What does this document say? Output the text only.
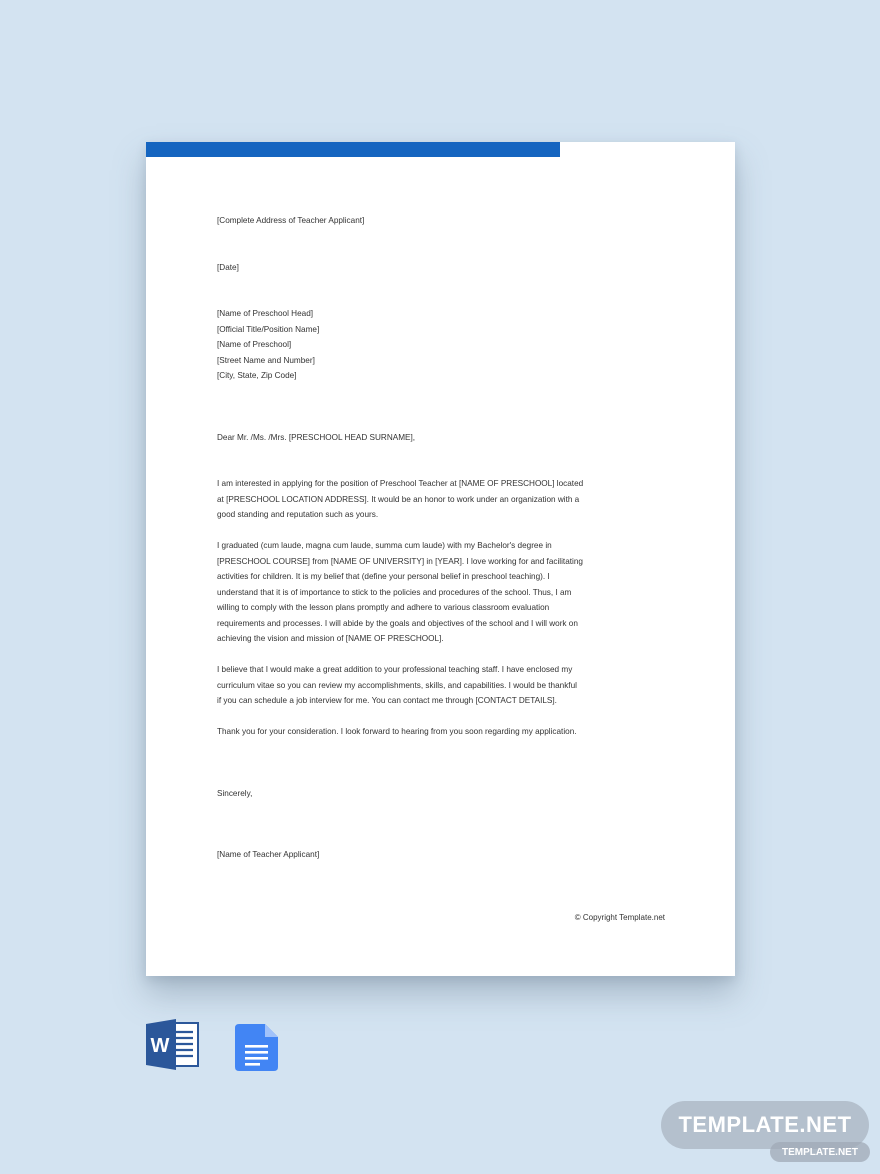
[Complete Address of Teacher Applicant]

[Date]

[Name of Preschool Head]

[Official Title/Position Name]

[Name of Preschool]

[Street Name and Number]

[City, State, Zip Code]

Dear Mr. /Ms. /Mrs. [PRESCHOOL HEAD SURNAME],

I am interested in applying for the position of Preschool Teacher at [NAME OF PRESCHOOL] located
at [PRESCHOOL LOCATION ADDRESS]. It would be an honor to work under an organization with a
good standing and reputation such as yours.
I graduated (cum laude, magna cum laude, summa cum laude) with my Bachelor's degree in
[PRESCHOOL COURSE] from [NAME OF UNIVERSITY] in [YEAR]. I love working for and facilitating
activities for children. It is my belief that (define your personal belief in preschool teaching). I
understand that it is of importance to stick to the policies and procedures of the school. Thus, I am
willing to comply with the lesson plans promptly and adhere to various classroom evaluation
requirements and processes. I will abide by the goals and objectives of the school and I will work on
achieving the vision and mission of [NAME OF PRESCHOOL].
I believe that I would make a great addition to your professional teaching staff. I have enclosed my
curriculum vitae so you can review my accomplishments, skills, and capabilities. I would be thankful
if you can schedule a job interview for me. You can contact me through [CONTACT DETAILS].
Thank you for your consideration. I look forward to hearing from you soon regarding my application.

Sincerely,

[Name of Teacher Applicant]

© Copyright Template.net
W
TEMPLATE.NET
TEMPLATE.NET
